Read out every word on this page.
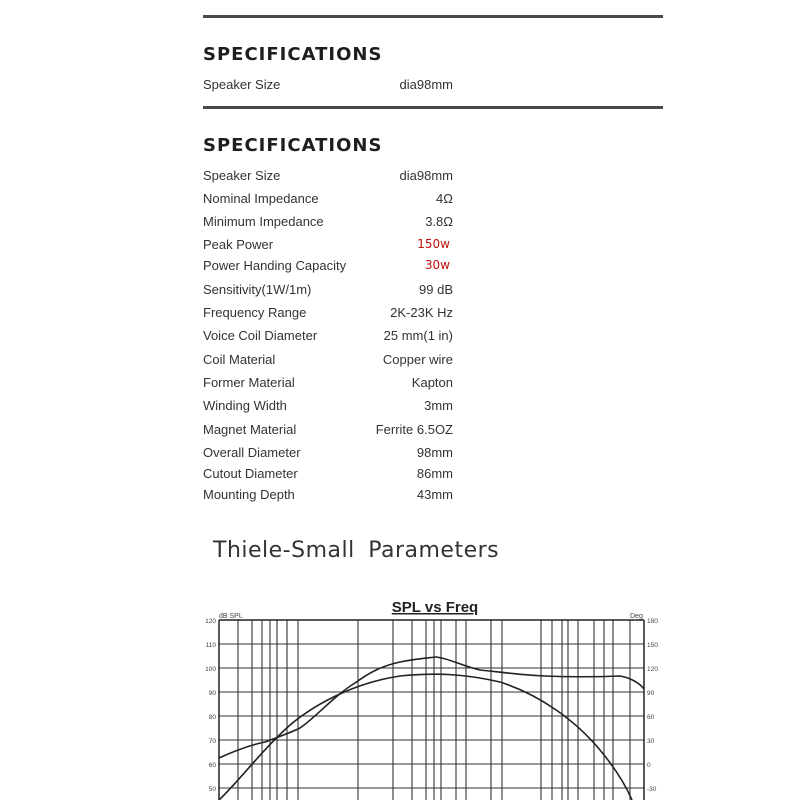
SPECIFICATIONS
Speaker Size	dia98mm
SPECIFICATIONS
Speaker Size	dia98mm
Nominal Impedance	4Ω
Minimum Impedance	3.8Ω
Peak Power	150w
Power Handing Capacity	30w
Sensitivity(1W/1m)	99 dB
Frequency Range	2K-23K Hz
Voice Coil Diameter	25 mm(1 in)
Coil Material	Copper wire
Former Material	Kapton
Winding Width	3mm
Magnet Material	Ferrite 6.5OZ
Overall Diameter	98mm
Cutout Diameter	86mm
Mounting Depth	43mm
Thiele-Small Parameters
SPL vs Freq
dB SPL	Deg
120
110
100
90
80
70
60
50
180
150
120
90
60
30
0
-30
